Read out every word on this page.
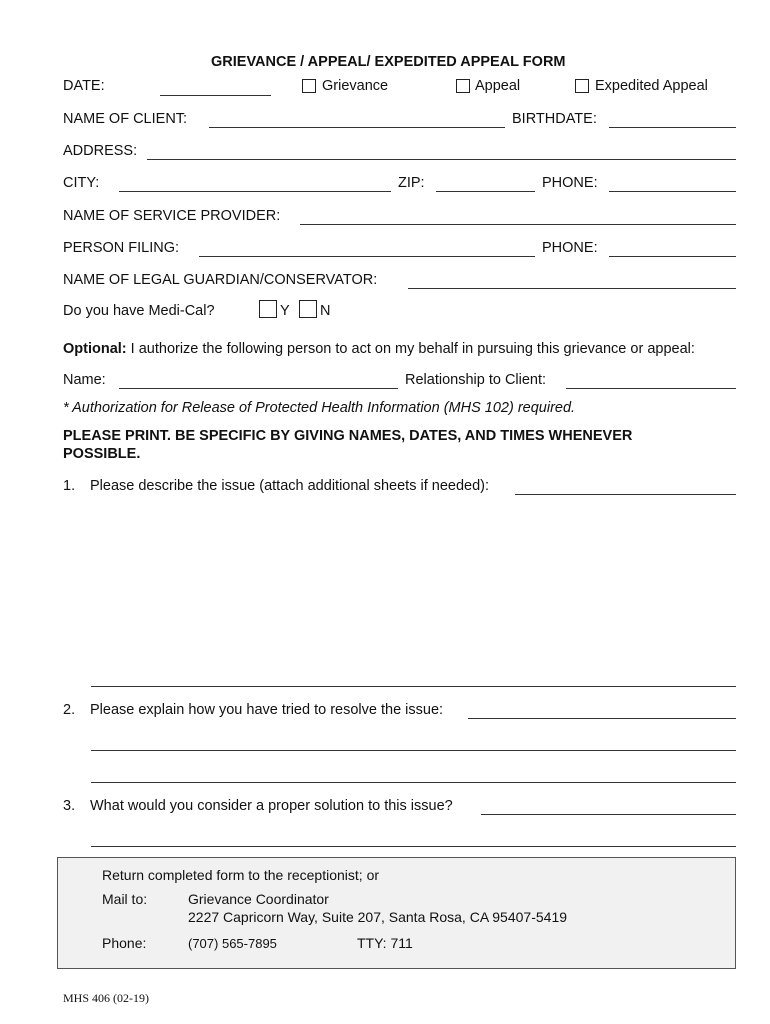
GRIEVANCE / APPEAL/ EXPEDITED APPEAL FORM
DATE:	Grievance	Appeal	Expedited Appeal
NAME OF CLIENT:	BIRTHDATE:
ADDRESS:
CITY:	ZIP:	PHONE:
NAME OF SERVICE PROVIDER:
PERSON FILING:	PHONE:
NAME OF LEGAL GUARDIAN/CONSERVATOR:
Do you have Medi-Cal?	Y N
Optional: I authorize the following person to act on my behalf in pursuing this grievance or appeal:
Name:	Relationship to Client:
* Authorization for Release of Protected Health Information (MHS 102) required.
PLEASE PRINT. BE SPECIFIC BY GIVING NAMES, DATES, AND TIMES WHENEVER
POSSIBLE.
1. Please describe the issue (attach additional sheets if needed):
2. Please explain how you have tried to resolve the issue:
3. What would you consider a proper solution to this issue?
Return completed form to the receptionist; or
Mail to:	Grievance Coordinator
2227 Capricorn Way, Suite 207, Santa Rosa, CA 95407-5419
Phone:	(707) 565-7895	TTY: 711
MHS 406 (02-19)
